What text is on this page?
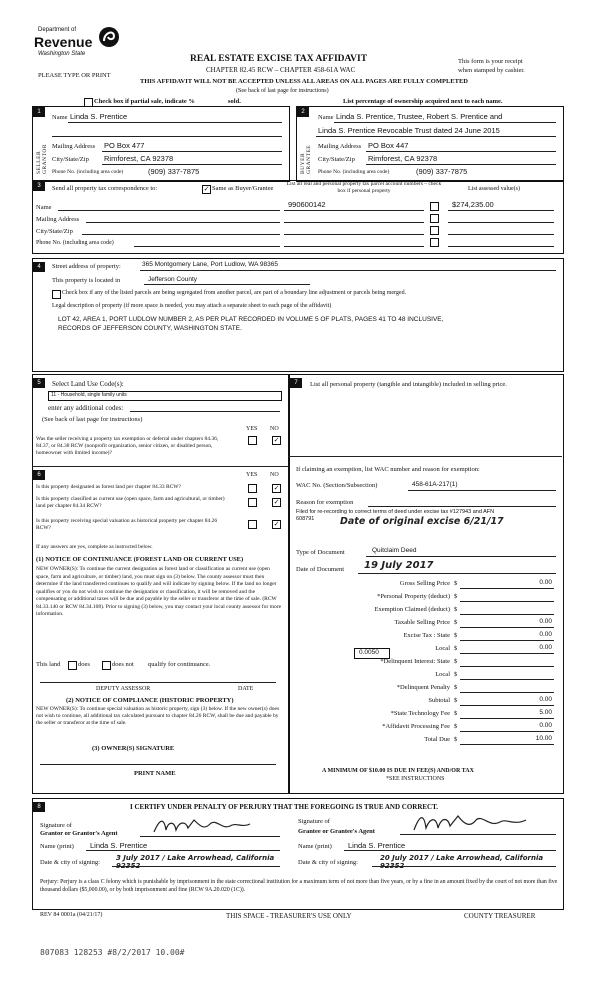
Department of
Revenue
Washington State	REAL ESTATE EXCISE TAX AFFIDAVIT
CHAPTER 82.45 RCW – CHAPTER 458-61A WAC
PLEASE TYPE OR PRINT
This form is your receipt
when stamped by cashier.
THIS AFFIDAVIT WILL NOT BE ACCEPTED UNLESS ALL AREAS ON ALL PAGES ARE FULLY COMPLETED
(See back of last page for instructions)
Check box if partial sale, indicate %	sold.	List percentage of ownership acquired next to each name.
1	2
SELLER GRANTOR	BUYER GRANTEE
Name Linda S. Prentice
Mailing Address PO Box 477
City/State/Zip Rimforest, CA 92378
Phone No. (including area code)	(909) 337-7875
Name Linda S. Prentice, Trustee, Robert S. Prentice and
Linda S. Prentice Revocable Trust dated 24 June 2015
Mailing Address PO Box 447
City/State/Zip Rimforest, CA 92378
Phone No. (including area code)	(909) 337-7875
3	Send all property tax correspondence to:	✓ Same as Buyer/Grantee
Name
Mailing Address
City/State/Zip
Phone No. (including area code)
List all real and personal property tax parcel account numbers – check box if personal property	List assessed value(s)
990600142	$274,235.00
4	Street address of property:	365 Montgomery Lane, Port Ludlow, WA 98365
This property is located in	Jefferson County
Check box if any of the listed parcels are being segregated from another parcel, are part of a boundary line adjustment or parcels being merged.
Legal description of property (if more space is needed, you may attach a separate sheet to each page of the affidavit)
LOT 42, AREA 1, PORT LUDLOW NUMBER 2, AS PER PLAT RECORDED IN VOLUME 5 OF PLATS, PAGES 41 TO 48 INCLUSIVE,
RECORDS OF JEFFERSON COUNTY, WASHINGTON STATE.
5	Select Land Use Code(s):
11 - Household, single family units
enter any additional codes:
(See back of last page for instructions)
YES NO
Was the seller receiving a property tax exemption or deferral under chapters 84.36, 84.37, or 84.38 RCW (nonprofit organization, senior citizen, or disabled person, homeowner with limited income)?
✓
6	YES NO
Is this property designated as forest land per chapter 84.33 RCW?	✓
Is this property classified as current use (open space, farm and agricultural, or timber) land per chapter 84.34 RCW?	✓
Is this property receiving special valuation as historical property per chapter 84.26 RCW?	✓
If any answers are yes, complete as instructed below.
(1) NOTICE OF CONTINUANCE (FOREST LAND OR CURRENT USE)
NEW OWNER(S): To continue the current designation as forest land or classification as current use (open space, farm and agriculture, or timber) land, you must sign on (3) below. The county assessor must then determine if the land transferred continues to qualify and will indicate by signing below. If the land no longer qualifies or you do not wish to continue the designation or classification, it will be removed and the compensating or additional taxes will be due and payable by the seller or transferor at the time of sale. (RCW 84.33.140 or RCW 84.34.108). Prior to signing (3) below, you may contact your local county assessor for more information.
This land	does	does not qualify for continuance.
DEPUTY ASSESSOR	DATE
(2) NOTICE OF COMPLIANCE (HISTORIC PROPERTY)
NEW OWNER(S): To continue special valuation as historic property, sign (3) below. If the new owner(s) does not wish to continue, all additional tax calculated pursuant to chapter 84.26 RCW, shall be due and payable by the seller or transferor at the time of sale.
(3) OWNER(S) SIGNATURE
PRINT NAME
7	List all personal property (tangible and intangible) included in selling price.
If claiming an exemption, list WAC number and reason for exemption:
WAC No. (Section/Subsection)	458-61A-217(1)
Reason for exemption
Filed for re-recording to correct terms of deed under excise tax #127943 and AFN 608791	Date of original excise 6/21/17
Type of Document	Quitclaim Deed
Date of Document 19 July 2017
Gross Selling Price $	0.00
*Personal Property (deduct) $
Exemption Claimed (deduct) $
Taxable Selling Price $	0.00
Excise Tax : State $	0.00
Local $	0.00
*Delinquent Interest: State $
Local $
*Delinquent Penalty $
Subtotal $	0.00
*State Technology Fee $	5.00
*Affidavit Processing Fee $	0.00
Total Due $	10.00
0.0050
A MINIMUM OF $10.00 IS DUE IN FEE(S) AND/OR TAX
*SEE INSTRUCTIONS
8	I CERTIFY UNDER PENALTY OF PERJURY THAT THE FOREGOING IS TRUE AND CORRECT.
Signature of
Grantor or Grantor's Agent
Name (print) Linda S. Prentice
Date & city of signing:
3 July 2017 / Lake Arrowhead, California 92352
Signature of
Grantee or Grantee's Agent
Name (print) Linda S. Prentice
Date & city of signing:
20 July 2017 / Lake Arrowhead, California 92352
Perjury: Perjury is a class C felony which is punishable by imprisonment in the state correctional institution for a maximum term of not more than five years, or by a fine in an amount fixed by the court of not more than five thousand dollars ($5,000.00), or by both imprisonment and fine (RCW 9A.20.020 (1C)).
REV 84 0001a (04/21/17)	THIS SPACE - TREASURER'S USE ONLY	COUNTY TREASURER
807083 128253 #8/2/2017 10.00#
